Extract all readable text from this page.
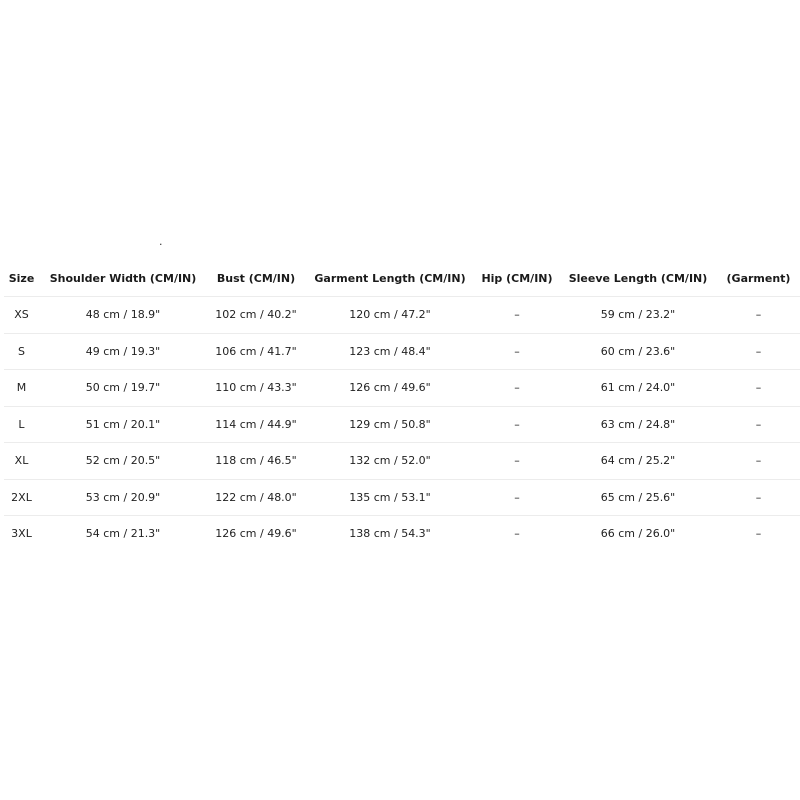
.
Size	Shoulder Width (CM/IN)	Bust (CM/IN)	Garment Length (CM/IN)	Hip (CM/IN)	Sleeve Length (CM/IN)	(Garment)
XS	48 cm / 18.9"	102 cm / 40.2"	120 cm / 47.2"	–	59 cm / 23.2"	–
S	49 cm / 19.3"	106 cm / 41.7"	123 cm / 48.4"	–	60 cm / 23.6"	–
M	50 cm / 19.7"	110 cm / 43.3"	126 cm / 49.6"	–	61 cm / 24.0"	–
L	51 cm / 20.1"	114 cm / 44.9"	129 cm / 50.8"	–	63 cm / 24.8"	–
XL	52 cm / 20.5"	118 cm / 46.5"	132 cm / 52.0"	–	64 cm / 25.2"	–
2XL	53 cm / 20.9"	122 cm / 48.0"	135 cm / 53.1"	–	65 cm / 25.6"	–
3XL	54 cm / 21.3"	126 cm / 49.6"	138 cm / 54.3"	–	66 cm / 26.0"	–
